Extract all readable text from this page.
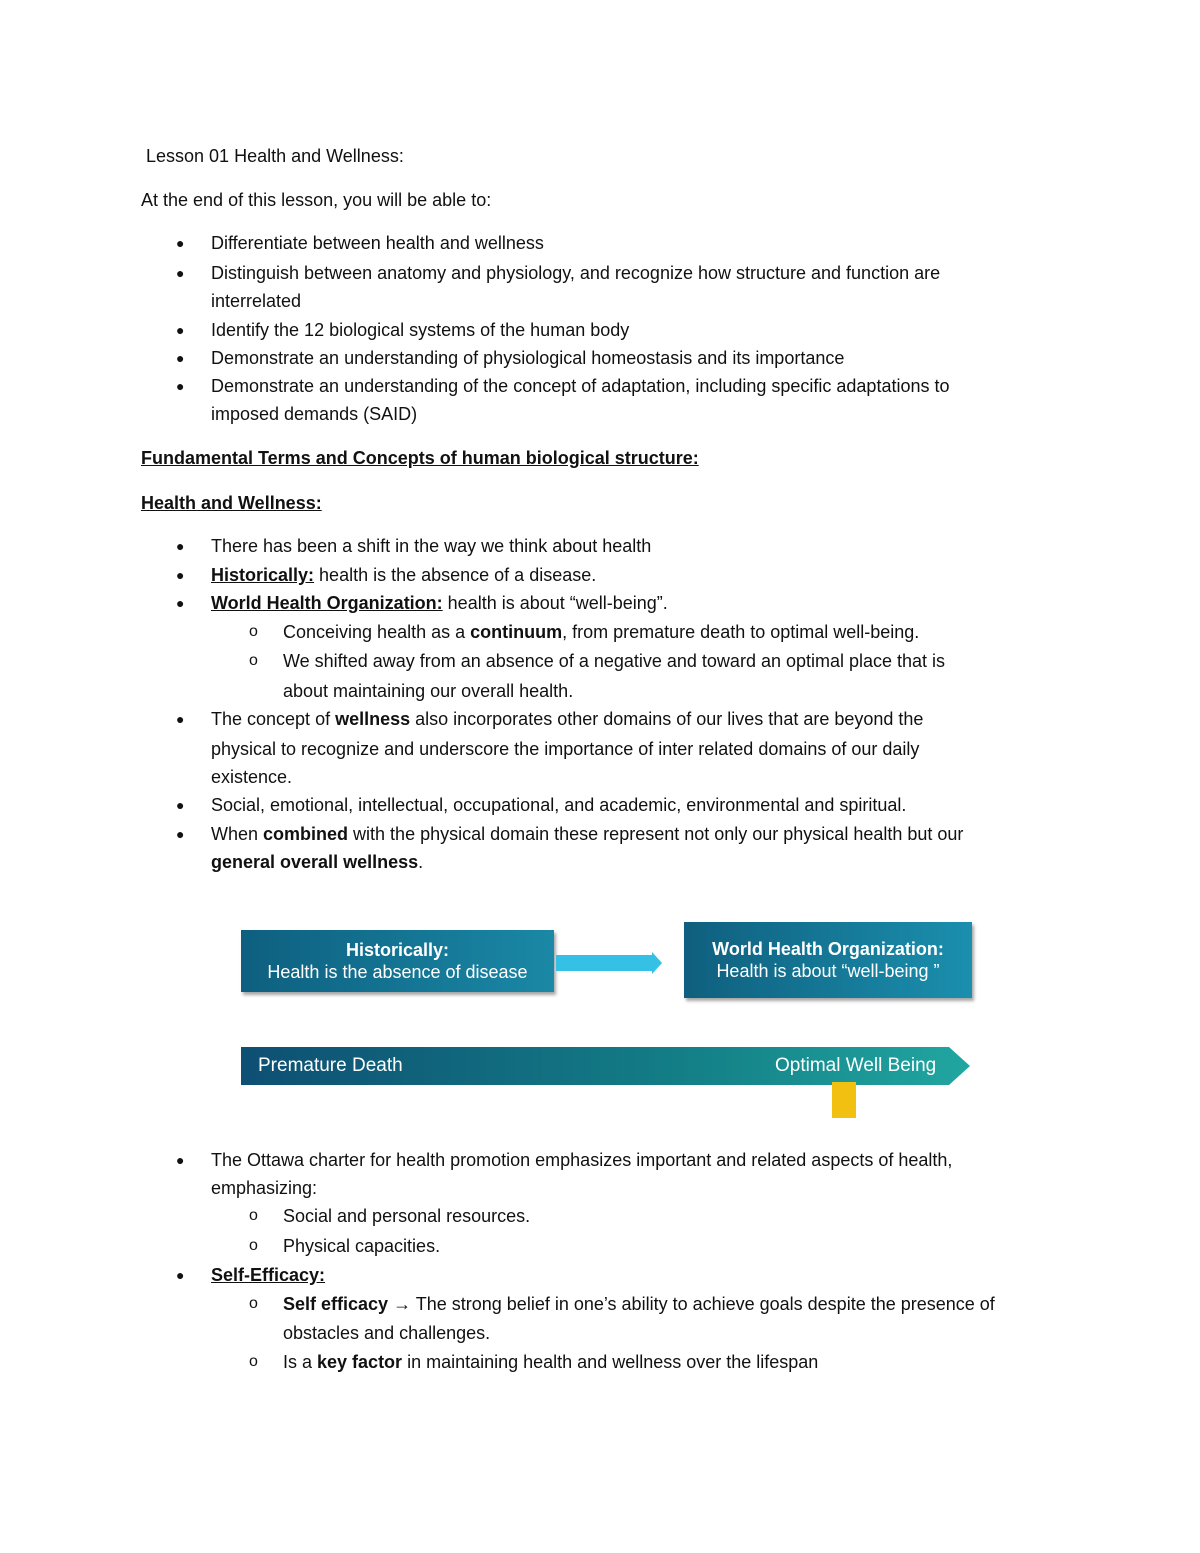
Lesson 01 Health and Wellness:
At the end of this lesson, you will be able to:
● Differentiate between health and wellness
● Distinguish between anatomy and physiology, and recognize how structure and function are
interrelated
● Identify the 12 biological systems of the human body
● Demonstrate an understanding of physiological homeostasis and its importance
● Demonstrate an understanding of the concept of adaptation, including specific adaptations to
imposed demands (SAID)
Fundamental Terms and Concepts of human biological structure:
Health and Wellness:
● There has been a shift in the way we think about health
● Historically: health is the absence of a disease.
● World Health Organization: health is about “well-being”.
o Conceiving health as a continuum, from premature death to optimal well-being.
o We shifted away from an absence of a negative and toward an optimal place that is
about maintaining our overall health.
● The concept of wellness also incorporates other domains of our lives that are beyond the
physical to recognize and underscore the importance of inter related domains of our daily
existence.
● Social, emotional, intellectual, occupational, and academic, environmental and spiritual.
● When combined with the physical domain these represent not only our physical health but our
general overall wellness.
Historically:
Health is the absence of disease
World Health Organization:
Health is about “well-being ”
Premature Death	Optimal Well Being
● The Ottawa charter for health promotion emphasizes important and related aspects of health,
emphasizing:
o Social and personal resources.
o Physical capacities.
● Self-Efficacy:
o Self efficacy → The strong belief in one’s ability to achieve goals despite the presence of
obstacles and challenges.
o Is a key factor in maintaining health and wellness over the lifespan
